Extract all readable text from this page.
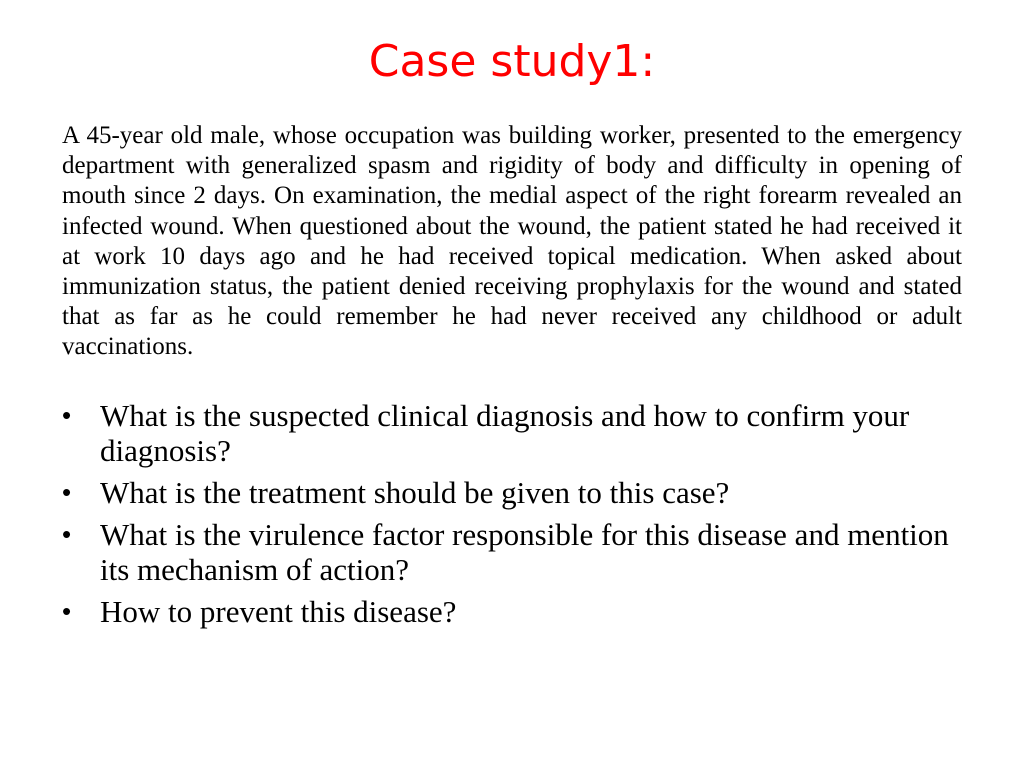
Case study1:

A 45-year old male, whose occupation was building worker, presented to the emergency department with generalized spasm and rigidity of body and difficulty in opening of mouth since 2 days. On examination, the medial aspect of the right forearm revealed an infected wound. When questioned about the wound, the patient stated he had received it at work 10 days ago and he had received topical medication. When asked about immunization status, the patient denied receiving prophylaxis for the wound and stated that as far as he could remember he had never received any childhood or adult vaccinations.

• What is the suspected clinical diagnosis and how to confirm your diagnosis?
• What is the treatment should be given to this case?
• What is the virulence factor responsible for this disease and mention its mechanism of action?
• How to prevent this disease?
